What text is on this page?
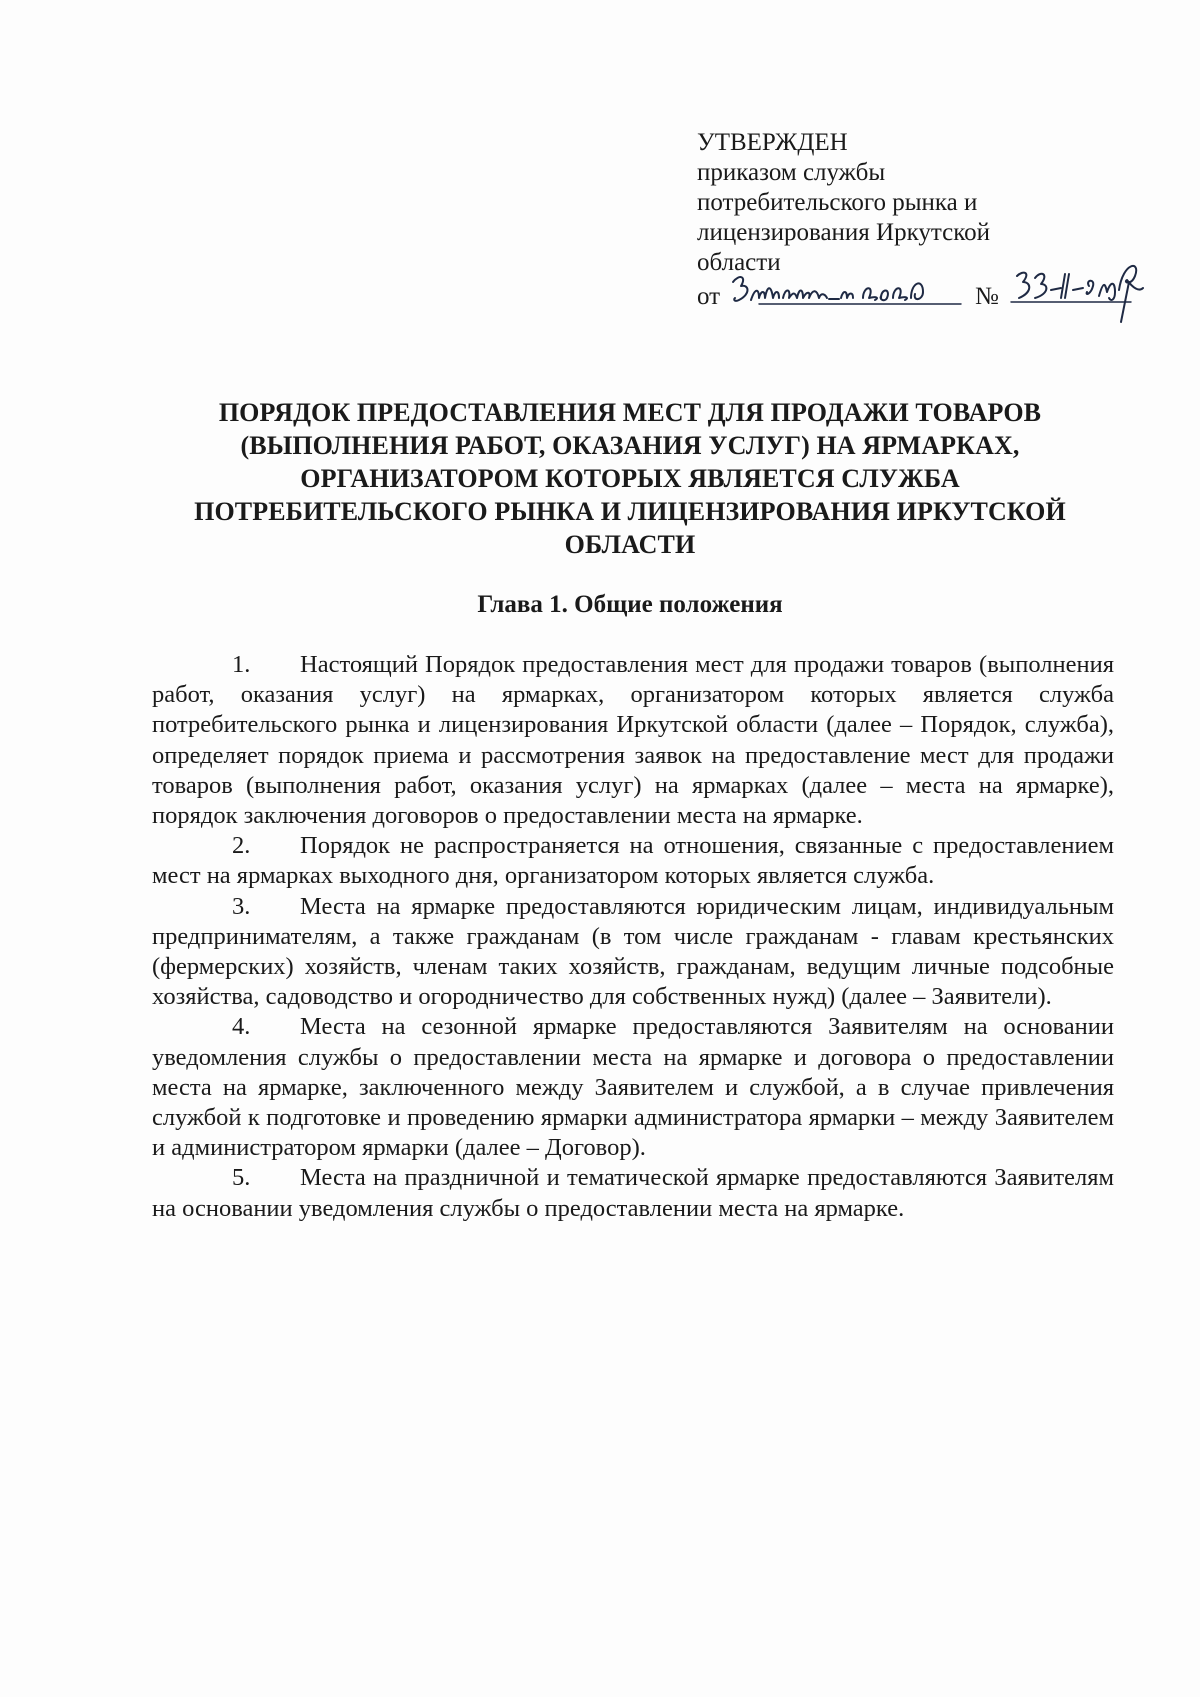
УТВЕРЖДЕН
приказом службы
потребительского рынка и
лицензирования Иркутской
области
от	№
ПОРЯДОК ПРЕДОСТАВЛЕНИЯ МЕСТ ДЛЯ ПРОДАЖИ ТОВАРОВ
(ВЫПОЛНЕНИЯ РАБОТ, ОКАЗАНИЯ УСЛУГ) НА ЯРМАРКАХ,
ОРГАНИЗАТОРОМ КОТОРЫХ ЯВЛЯЕТСЯ СЛУЖБА
ПОТРЕБИТЕЛЬСКОГО РЫНКА И ЛИЦЕНЗИРОВАНИЯ ИРКУТСКОЙ
ОБЛАСТИ
Глава 1. Общие положения

1. Настоящий Порядок предоставления мест для продажи товаров (выполнения работ, оказания услуг) на ярмарках, организатором которых является служба потребительского рынка и лицензирования Иркутской области (далее – Порядок, служба), определяет порядок приема и рассмотрения заявок на предоставление мест для продажи товаров (выполнения работ, оказания услуг) на ярмарках (далее – места на ярмарке), порядок заключения договоров о предоставлении места на ярмарке.

2. Порядок не распространяется на отношения, связанные с предоставлением мест на ярмарках выходного дня, организатором которых является служба.

3. Места на ярмарке предоставляются юридическим лицам, индивидуальным предпринимателям, а также гражданам (в том числе гражданам - главам крестьянских (фермерских) хозяйств, членам таких хозяйств, гражданам, ведущим личные подсобные хозяйства, садоводство и огородничество для собственных нужд) (далее – Заявители).

4. Места на сезонной ярмарке предоставляются Заявителям на основании уведомления службы о предоставлении места на ярмарке и договора о предоставлении места на ярмарке, заключенного между Заявителем и службой, а в случае привлечения службой к подготовке и проведению ярмарки администратора ярмарки – между Заявителем и администратором ярмарки (далее – Договор).

5. Места на праздничной и тематической ярмарке предоставляются Заявителям на основании уведомления службы о предоставлении места на ярмарке.
